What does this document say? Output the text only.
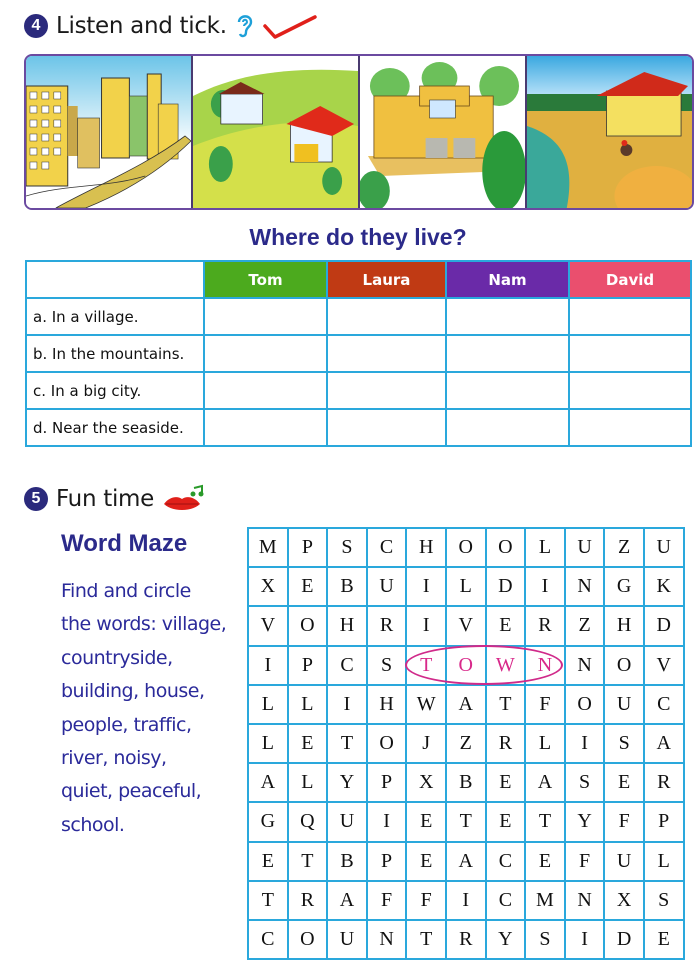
4 Listen and tick.
Where do they live?
	Tom	Laura	Nam	David
a. In a village.				
b. In the mountains.				
c. In a big city.				
d. Near the seaside.				
5 Fun time
Word Maze
Find and circle
the words: village,
countryside,
building, house,
people, traffic,
river, noisy,
quiet, peaceful,
school.
M	P	S	C	H	O	O	L	U	Z	U
X	E	B	U	I	L	D	I	N	G	K
V	O	H	R	I	V	E	R	Z	H	D
I	P	C	S	T	O	W	N	N	O	V
L	L	I	H	W	A	T	F	O	U	C
L	E	T	O	J	Z	R	L	I	S	A
A	L	Y	P	X	B	E	A	S	E	R
G	Q	U	I	E	T	E	T	Y	F	P
E	T	B	P	E	A	C	E	F	U	L
T	R	A	F	F	I	C	M	N	X	S
C	O	U	N	T	R	Y	S	I	D	E
